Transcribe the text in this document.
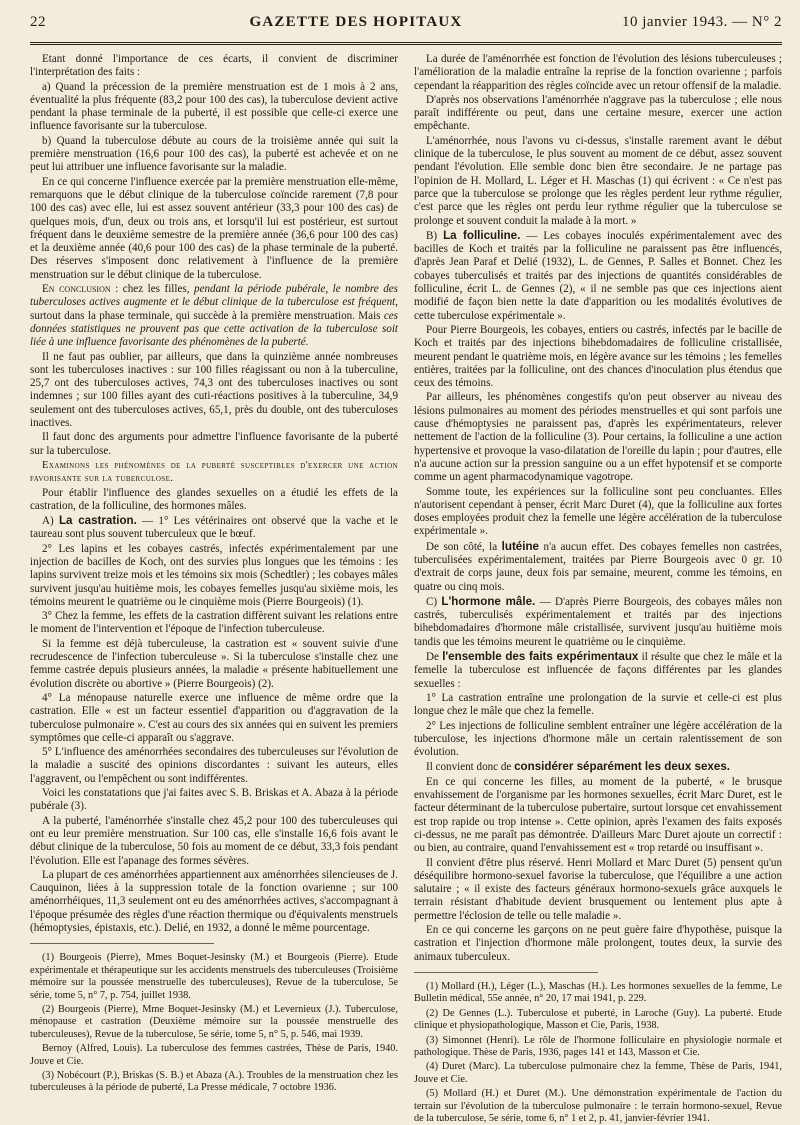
22	GAZETTE DES HOPITAUX	10 janvier 1943. — N° 2

Etant donné l'importance de ces écarts, il convient de discriminer l'interprétation des faits :

a) Quand la précession de la première menstruation est de 1 mois à 2 ans, éventualité la plus fréquente (83,2 pour 100 des cas), la tuberculose devient active pendant la phase terminale de la puberté, il est possible que celle-ci exerce une influence favorisante sur la tuberculose.

b) Quand la tuberculose débute au cours de la troisième année qui suit la première menstruation (16,6 pour 100 des cas), la puberté est achevée et on ne peut lui attribuer une influence favorisante sur la maladie.

En ce qui concerne l'influence exercée par la première menstruation elle-même, remarquons que le début clinique de la tuberculose coïncide rarement (7,8 pour 100 des cas) avec elle, lui est assez souvent antérieur (33,3 pour 100 des cas) de quelques mois, d'un, deux ou trois ans, et lorsqu'il lui est postérieur, est surtout fréquent dans le deuxième semestre de la première année (36,6 pour 100 des cas) et la deuxième année (40,6 pour 100 des cas) de la phase terminale de la puberté. Des réserves s'imposent donc relativement à l'influence de la première menstruation sur le début clinique de la tuberculose.

En conclusion : chez les filles, pendant la période pubérale, le nombre des tuberculoses actives augmente et le début clinique de la tuberculose est fréquent, surtout dans la phase terminale, qui succède à la première menstruation. Mais ces données statistiques ne prouvent pas que cette activation de la tuberculose soit liée à une influence favorisante des phénomènes de la puberté.

Il ne faut pas oublier, par ailleurs, que dans la quinzième année nombreuses sont les tuberculoses inactives : sur 100 filles réagissant ou non à la tuberculine, 25,7 ont des tuberculoses actives, 74,3 ont des tuberculoses inactives ou sont indemnes ; sur 100 filles ayant des cuti-réactions positives à la tuberculine, 34,9 seulement ont des tuberculoses actives, 65,1, près du double, ont des tuberculoses inactives.

Il faut donc des arguments pour admettre l'influence favorisante de la puberté sur la tuberculose.

Examinons les phénomènes de la puberté susceptibles d'exercer une action favorisante sur la tuberculose.

Pour établir l'influence des glandes sexuelles on a étudié les effets de la castration, de la folliculine, des hormones mâles.

A) La castration. — 1° Les vétérinaires ont observé que la vache et le taureau sont plus souvent tuberculeux que le bœuf.

2° Les lapins et les cobayes castrés, infectés expérimentalement par une injection de bacilles de Koch, ont des survies plus longues que les témoins : les lapins survivent treize mois et les témoins six mois (Schedtler) ; les cobayes mâles survivent jusqu'au huitième mois, les cobayes femelles jusqu'au sixième mois, les témoins meurent le quatrième ou le cinquième mois (Pierre Bourgeois) (1).

3° Chez la femme, les effets de la castration diffèrent suivant les relations entre le moment de l'intervention et l'époque de l'infection tuberculeuse.

Si la femme est déjà tuberculeuse, la castration est « souvent suivie d'une recrudescence de l'infection tuberculeuse ». Si la tuberculose s'installe chez une femme castrée depuis plusieurs années, la maladie « présente habituellement une évolution discrète ou abortive » (Pierre Bourgeois) (2).

4° La ménopause naturelle exerce une influence de même ordre que la castration. Elle « est un facteur essentiel d'apparition ou d'aggravation de la tuberculose pulmonaire ». C'est au cours des six années qui en suivent les premiers symptômes que celle-ci apparaît ou s'aggrave.

5° L'influence des aménorrhées secondaires des tuberculeuses sur l'évolution de la maladie a suscité des opinions discordantes : suivant les auteurs, elles l'aggravent, ou l'empêchent ou sont indifférentes.

Voici les constatations que j'ai faites avec S. B. Briskas et A. Abaza à la période pubérale (3).

A la puberté, l'aménorrhée s'installe chez 45,2 pour 100 des tuberculeuses qui ont eu leur première menstruation. Sur 100 cas, elle s'installe 16,6 fois avant le début clinique de la tuberculose, 50 fois au moment de ce début, 33,3 fois pendant l'évolution. Elle est l'apanage des formes sévères.

La plupart de ces aménorrhées appartiennent aux aménorrhées silencieuses de J. Cauquinon, liées à la suppression totale de la fonction ovarienne ; sur 100 aménorrhéiques, 11,3 seulement ont eu des aménorrhées actives, s'accompagnant à l'époque présumée des règles d'une réaction thermique ou d'équivalents menstruels (hémoptysies, épistaxis, etc.). Delié, en 1932, a donné le même pourcentage.

(1) Bourgeois (Pierre), Mmes Boquet-Jesinsky (M.) et Bourgeois (Pierre). Etude expérimentale et thérapeutique sur les accidents menstruels des tuberculeuses (Troisième mémoire sur la poussée menstruelle des tuberculeuses), Revue de la tuberculose, 5e série, tome 5, n° 7, p. 754, juillet 1938.

(2) Bourgeois (Pierre), Mme Boquet-Jesinsky (M.) et Levernieux (J.). Tuberculose, ménopause et castration (Deuxième mémoire sur la poussée menstruelle des tuberculeuses), Revue de la tuberculose, 5e série, tome 5, n° 5, p. 546, mai 1939.

Bernoy (Alfred, Louis). La tuberculose des femmes castrées, Thèse de Paris, 1940. Jouve et Cie.

(3) Nobécourt (P.), Briskas (S. B.) et Abaza (A.). Troubles de la menstruation chez les tuberculeuses à la période de puberté, La Presse médicale, 7 octobre 1936.

La durée de l'aménorrhée est fonction de l'évolution des lésions tuberculeuses ; l'amélioration de la maladie entraîne la reprise de la fonction ovarienne ; parfois cependant la réapparition des règles coïncide avec un retour offensif de la maladie.

D'après nos observations l'aménorrhée n'aggrave pas la tuberculose ; elle nous paraît indifférente ou peut, dans une certaine mesure, exercer une action empêchante.

L'aménorrhée, nous l'avons vu ci-dessus, s'installe rarement avant le début clinique de la tuberculose, le plus souvent au moment de ce début, assez souvent pendant l'évolution. Elle semble donc bien être secondaire. Je ne partage pas l'opinion de H. Mollard, L. Léger et H. Maschas (1) qui écrivent : « Ce n'est pas parce que la tuberculose se prolonge que les règles perdent leur rythme régulier, c'est parce que les règles ont perdu leur rythme régulier que la tuberculose se prolonge et souvent conduit la malade à la mort. »

B) La folliculine. — Les cobayes inoculés expérimentalement avec des bacilles de Koch et traités par la folliculine ne paraissent pas être influencés, d'après Jean Paraf et Delié (1932), L. de Gennes, P. Salles et Bonnet. Chez les cobayes tuberculisés et traités par des injections de quantités considérables de folliculine, écrit L. de Gennes (2), « il ne semble pas que ces injections aient modifié de façon bien nette la date d'apparition ou les modalités évolutives de cette tuberculose expérimentale ».

Pour Pierre Bourgeois, les cobayes, entiers ou castrés, infectés par le bacille de Koch et traités par des injections bihebdomadaires de folliculine cristallisée, meurent pendant le quatrième mois, en légère avance sur les témoins ; les femelles entières, traitées par la folliculine, ont des chances d'inoculation plus étendus que ceux des témoins.

Par ailleurs, les phénomènes congestifs qu'on peut observer au niveau des lésions pulmonaires au moment des périodes menstruelles et qui sont parfois une cause d'hémoptysies ne paraissent pas, d'après les expérimentateurs, relever nettement de l'action de la folliculine (3). Pour certains, la folliculine a une action hypertensive et provoque la vaso-dilatation de l'oreille du lapin ; pour d'autres, elle n'a aucune action sur la pression sanguine ou a un effet hypotensif et se comporte comme un agent pharmacodynamique vagotrope.

Somme toute, les expériences sur la folliculine sont peu concluantes. Elles n'autorisent cependant à penser, écrit Marc Duret (4), que la folliculine aux fortes doses employées produit chez la femelle une légère accélération de la tuberculose expérimentale ».

De son côté, la lutéine n'a aucun effet. Des cobayes femelles non castrées, tuberculisées expérimentalement, traitées par Pierre Bourgeois avec 0 gr. 10 d'extrait de corps jaune, deux fois par semaine, meurent, comme les témoins, en quatre ou cinq mois.

C) L'hormone mâle. — D'après Pierre Bourgeois, des cobayes mâles non castrés, tuberculisés expérimentalement et traités par des injections bihebdomadaires d'hormone mâle cristallisée, survivent jusqu'au huitième mois tandis que les témoins meurent le quatrième ou le cinquième.

De l'ensemble des faits expérimentaux il résulte que chez le mâle et la femelle la tuberculose est influencée de façons différentes par les glandes sexuelles :

1° La castration entraîne une prolongation de la survie et celle-ci est plus longue chez le mâle que chez la femelle.

2° Les injections de folliculine semblent entraîner une légère accélération de la tuberculose, les injections d'hormone mâle un certain ralentissement de son évolution.

Il convient donc de considérer séparément les deux sexes.

En ce qui concerne les filles, au moment de la puberté, « le brusque envahissement de l'organisme par les hormones sexuelles, écrit Marc Duret, est le facteur déterminant de la tuberculose pubertaire, surtout lorsque cet envahissement est trop rapide ou trop intense ». Cette opinion, après l'examen des faits exposés ci-dessus, ne me paraît pas démontrée. D'ailleurs Marc Duret ajoute un correctif : ou bien, au contraire, quand l'envahissement est « trop retardé ou insuffisant ».

Il convient d'être plus réservé. Henri Mollard et Marc Duret (5) pensent qu'un déséquilibre hormono-sexuel favorise la tuberculose, que l'équilibre a une action salutaire ; « il existe des facteurs généraux hormono-sexuels grâce auxquels le terrain résistant d'habitude devient brusquement ou lentement plus apte à permettre l'éclosion de telle ou telle maladie ».

En ce qui concerne les garçons on ne peut guère faire d'hypothèse, puisque la castration et l'injection d'hormone mâle prolongent, toutes deux, la survie des animaux tuberculeux.

(1) Mollard (H.), Léger (L.), Maschas (H.). Les hormones sexuelles de la femme, Le Bulletin médical, 55e année, n° 20, 17 mai 1941, p. 229.

(2) De Gennes (L.). Tuberculose et puberté, in Laroche (Guy). La puberté. Etude clinique et physiopathologique, Masson et Cie, Paris, 1938.

(3) Simonnet (Henri). Le rôle de l'hormone folliculaire en physiologie normale et pathologique. Thèse de Paris, 1936, pages 141 et 143, Masson et Cie.

(4) Duret (Marc). La tuberculose pulmonaire chez la femme, Thèse de Paris, 1941, Jouve et Cie.

(5) Mollard (H.) et Duret (M.). Une démonstration expérimentale de l'action du terrain sur l'évolution de la tuberculose pulmonaire : le terrain hormono-sexuel, Revue de la tuberculose, 5e série, tome 6, n° 1 et 2, p. 41, janvier-février 1941.
